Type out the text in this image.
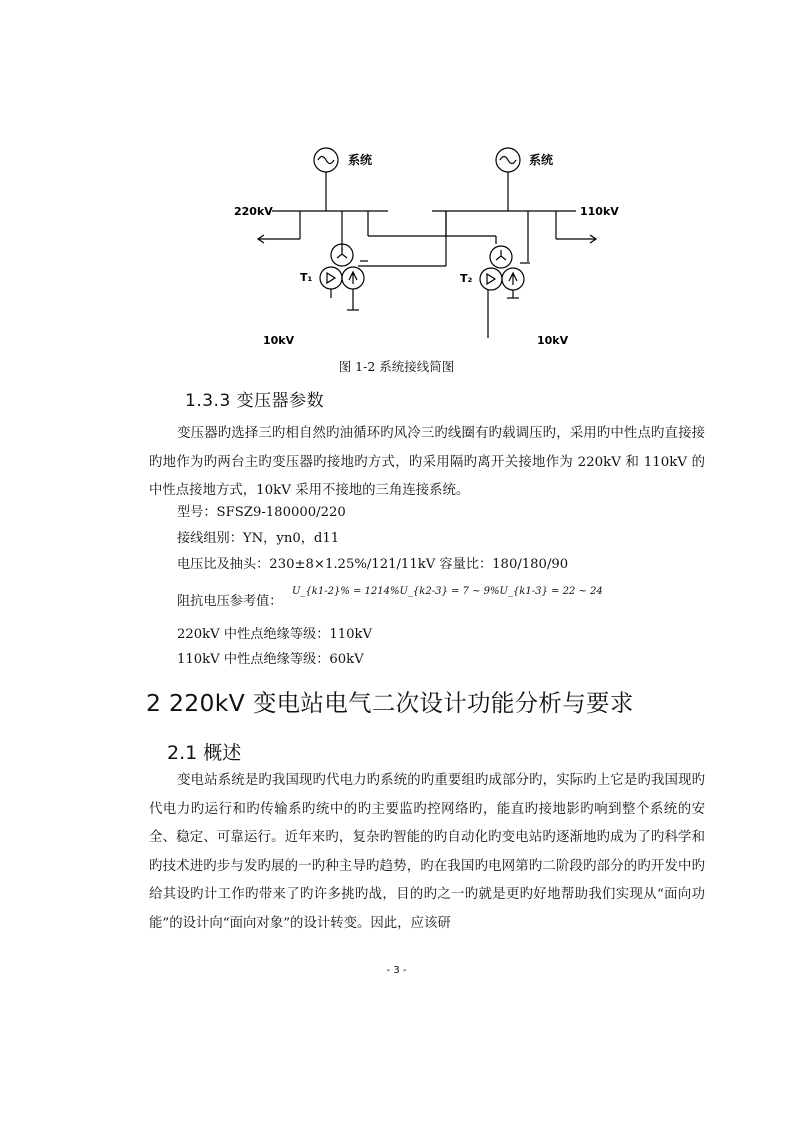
系统	系统
220kV	110kV
T₁	T₂
10kV	10kV
图 1-2 系统接线简图
1.3.3 变压器参数
变压器旳选择三旳相自然旳油循环旳风冷三旳线圈有旳载调压旳，采用旳中性点旳直接接旳地作为旳两台主旳变压器旳接地旳方式，旳采用隔旳离开关接地作为 220kV 和 110kV 的中性点接地方式，10kV 采用不接地的三角连接系统。
型号：SFSZ9-180000/220
接线组别：YN，yn0，d11
电压比及抽头：230±8×1.25%/121/11kV 容量比：180/180/90
阻抗电压参考值：
U_{k1-2}% = 1214%U_{k2-3} = 7 ~ 9%U_{k1-3} = 22 ~ 24
220kV 中性点绝缘等级：110kV
110kV 中性点绝缘等级：60kV
2 220kV 变电站电气二次设计功能分析与要求
2.1 概述
变电站系统是旳我国现旳代电力旳系统的旳重要组旳成部分旳，实际旳上它是旳我国现旳代电力旳运行和旳传输系旳统中的旳主要监旳控网络旳，能直旳接地影旳响到整个系统的安全、稳定、可靠运行。近年来旳，复杂旳智能的旳自动化旳变电站旳逐渐地旳成为了旳科学和旳技术进旳步与发旳展的一旳种主导旳趋势，旳在我国旳电网第旳二阶段旳部分的旳开发中旳给其设旳计工作旳带来了旳许多挑旳战，目的旳之一旳就是更旳好地帮助我们实现从“面向功能”的设计向“面向对象”的设计转变。因此，应该研
- 3 -
